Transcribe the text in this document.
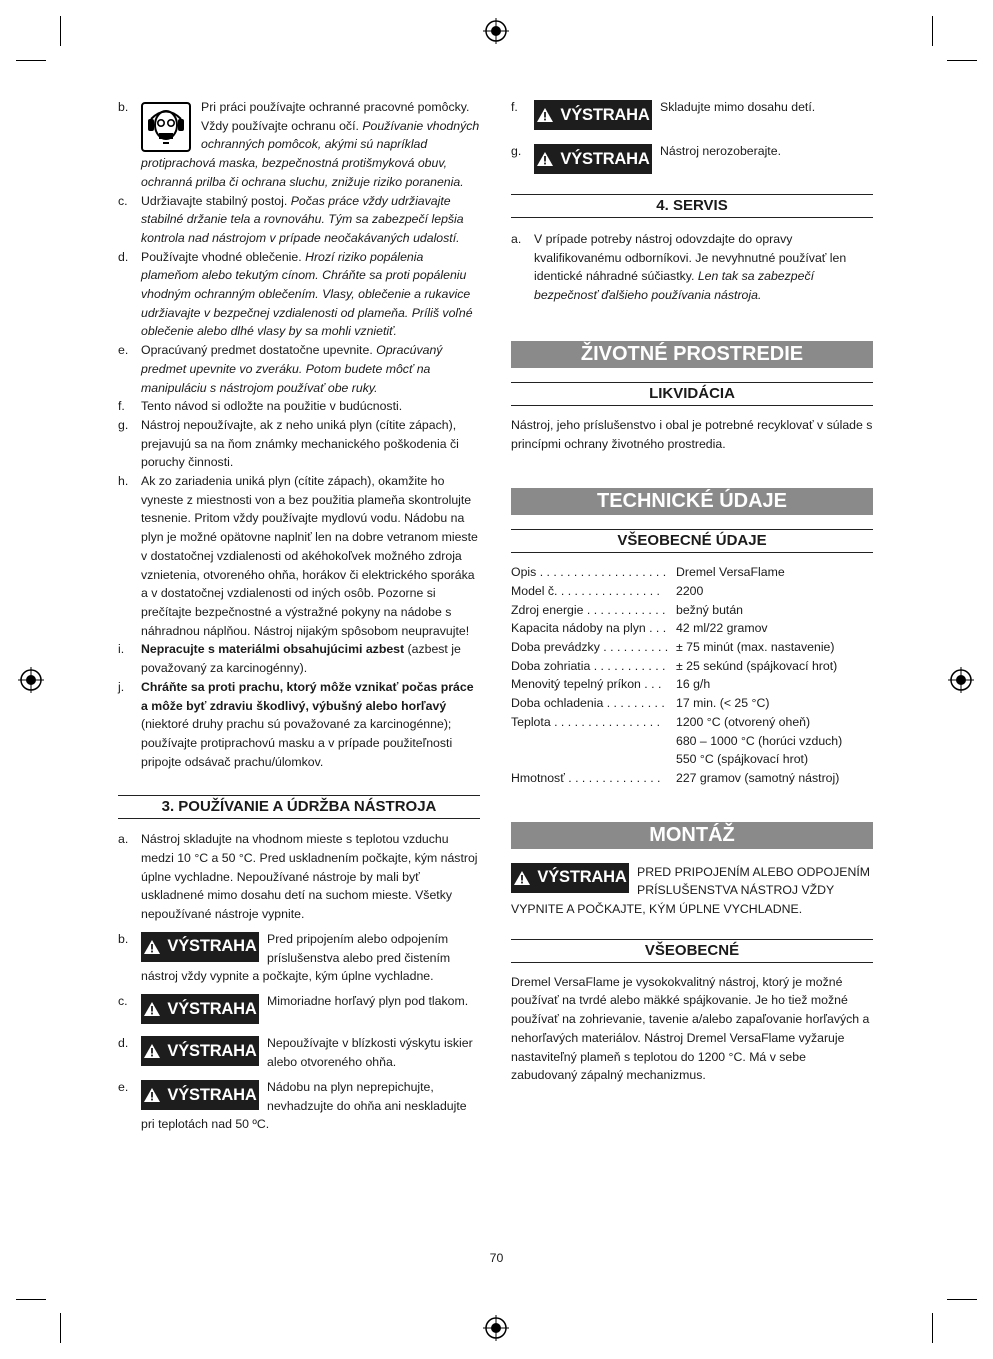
b.	Pri práci používajte ochranné pracovné pomôcky. Vždy používajte ochranu očí. Používanie vhodných ochranných pomôcok, akými sú napríklad protiprachová maska, bezpečnostná protišmyková obuv, ochranná prilba či ochrana sluchu, znižuje riziko poranenia.

c. Udržiavajte stabilný postoj. Počas práce vždy udržiavajte stabilné držanie tela a rovnováhu. Tým sa zabezpečí lepšia kontrola nad nástrojom v prípade neočakávaných udalostí.

d. Používajte vhodné oblečenie. Hrozí riziko popálenia plameňom alebo tekutým cínom. Chráňte sa proti popáleniu vhodným ochranným oblečením. Vlasy, oblečenie a rukavice udržiavajte v bezpečnej vzdialenosti od plameňa. Príliš voľné oblečenie alebo dlhé vlasy by sa mohli vznietiť.

e. Opracúvaný predmet dostatočne upevnite. Opracúvaný predmet upevnite vo zveráku. Potom budete môcť na manipuláciu s nástrojom používať obe ruky.

f. Tento návod si odložte na použitie v budúcnosti.

g. Nástroj nepoužívajte, ak z neho uniká plyn (cítite zápach), prejavujú sa na ňom známky mechanického poškodenia či poruchy činnosti.

h. Ak zo zariadenia uniká plyn (cítite zápach), okamžite ho vyneste z miestnosti von a bez použitia plameňa skontrolujte tesnenie. Pritom vždy používajte mydlovú vodu. Nádobu na plyn je možné opätovne naplniť len na dobre vetranom mieste v dostatočnej vzdialenosti od akéhokoľvek možného zdroja vznietenia, otvoreného ohňa, horákov či elektrického sporáka a v dostatočnej vzdialenosti od iných osôb. Pozorne si prečítajte bezpečnostné a výstražné pokyny na nádobe s náhradnou náplňou. Nástroj nijakým spôsobom neupravujte!

i. Nepracujte s materiálmi obsahujúcimi azbest (azbest je považovaný za karcinogénny).

j. Chráňte sa proti prachu, ktorý môže vznikať počas práce a môže byť zdraviu škodlivý, výbušný alebo horľavý (niektoré druhy prachu sú považované za karcinogénne); používajte protiprachovú masku a v prípade použiteľnosti pripojte odsávač prachu/úlomkov.

3. POUŽÍVANIE A ÚDRŽBA NÁSTROJA
a. Nástroj skladujte na vhodnom mieste s teplotou vzduchu medzi 10 °C a 50 °C. Pred uskladnením počkajte, kým nástroj úplne vychladne. Nepoužívané nástroje by mali byť uskladnené mimo dosahu detí na suchom mieste. Všetky nepoužívané nástroje vypnite.

b. VÝSTRAHA Pred pripojením alebo odpojením príslušenstva alebo pred čistením nástroj vždy vypnite a počkajte, kým úplne vychladne.

c. VÝSTRAHA Mimoriadne horľavý plyn pod tlakom.

d. VÝSTRAHA Nepoužívajte v blízkosti výskytu iskier alebo otvoreného ohňa.

e. VÝSTRAHA Nádobu na plyn neprepichujte, nevhadzujte do ohňa ani neskladujte pri teplotách nad 50 ºC.

f.	VÝSTRAHA Skladujte mimo dosahu detí.

g. VÝSTRAHA Nástroj nerozoberajte.

4. SERVIS
a. V prípade potreby nástroj odovzdajte do opravy kvalifikovanému odborníkovi. Je nevyhnutné používať len identické náhradné súčiastky. Len tak sa zabezpečí bezpečnosť ďalšieho používania nástroja.

ŽIVOTNÉ PROSTREDIE
LIKVIDÁCIA

Nástroj, jeho príslušenstvo i obal je potrebné recyklovať v súlade s princípmi ochrany životného prostredia.

TECHNICKÉ ÚDAJE
VŠEOBECNÉ ÚDAJE
Opis . . . . . . . . . . . . . . . . . . . Dremel VersaFlame
Model č. . . . . . . . . . . . . . . .	2200
Zdroj energie . . . . . . . . . . . . bežný bután
Kapacita nádoby na plyn . . . 42 ml/22 gramov
Doba prevádzky . . . . . . . . . . ± 75 minút (max. nastavenie)
Doba zohriatia . . . . . . . . . . . ± 25 sekúnd (spájkovací hrot)
Menovitý tepelný príkon . . .	16 g/h
Doba ochladenia . . . . . . . . . 17 min. (< 25 °C)
Teplota . . . . . . . . . . . . . . . .	1200 °C (otvorený oheň)
680 – 1000 °C (horúci vzduch)
550 °C (spájkovací hrot)
Hmotnosť . . . . . . . . . . . . . .	227 gramov (samotný nástroj)
MONTÁŽ
VÝSTRAHA PRED PRIPOJENÍM ALEBO ODPOJENÍM PRÍSLUŠENSTVA NÁSTROJ VŽDY VYPNITE A POČKAJTE, KÝM ÚPLNE VYCHLADNE.

VŠEOBECNÉ

Dremel VersaFlame je vysokokvalitný nástroj, ktorý je možné používať na tvrdé alebo mäkké spájkovanie. Je ho tiež možné používať na zohrievanie, tavenie a/alebo zapaľovanie horľavých a nehorľavých materiálov. Nástroj Dremel VersaFlame vyžaruje nastaviteľný plameň s teplotou do 1200 °C. Má v sebe zabudovaný zápalný mechanizmus.

70
